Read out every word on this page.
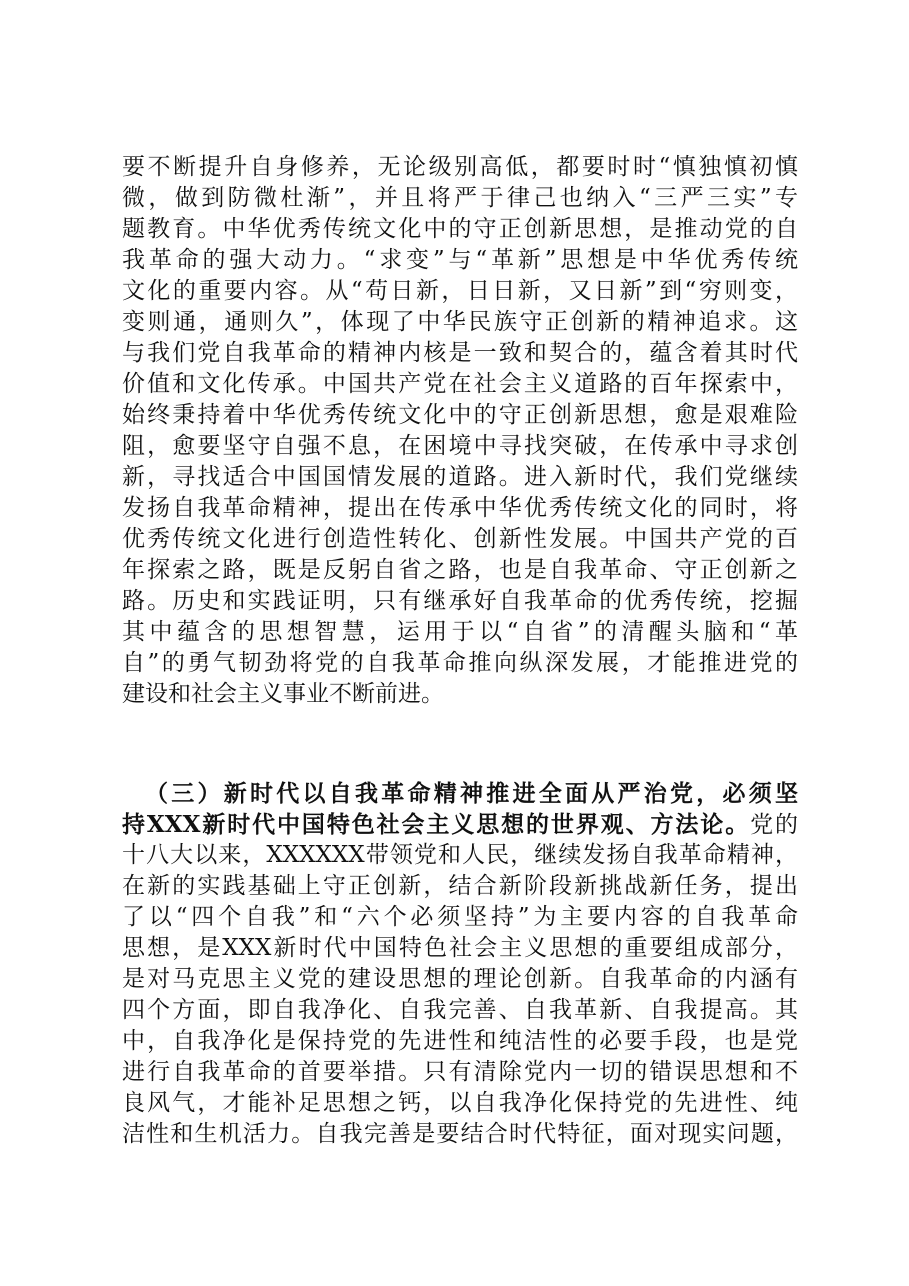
要不断提升自身修养，无论级别高低，都要时时“慎独慎初慎
微，做到防微杜渐”，并且将严于律己也纳入“三严三实”专
题教育。中华优秀传统文化中的守正创新思想，是推动党的自
我革命的强大动力。“求变”与“革新”思想是中华优秀传统
文化的重要内容。从“苟日新，日日新，又日新”到“穷则变，
变则通，通则久”，体现了中华民族守正创新的精神追求。这
与我们党自我革命的精神内核是一致和契合的，蕴含着其时代
价值和文化传承。中国共产党在社会主义道路的百年探索中，
始终秉持着中华优秀传统文化中的守正创新思想，愈是艰难险
阻，愈要坚守自强不息，在困境中寻找突破，在传承中寻求创
新，寻找适合中国国情发展的道路。进入新时代，我们党继续
发扬自我革命精神，提出在传承中华优秀传统文化的同时，将
优秀传统文化进行创造性转化、创新性发展。中国共产党的百
年探索之路，既是反躬自省之路，也是自我革命、守正创新之
路。历史和实践证明，只有继承好自我革命的优秀传统，挖掘
其中蕴含的思想智慧，运用于以“自省”的清醒头脑和“革
自”的勇气韧劲将党的自我革命推向纵深发展，才能推进党的
建设和社会主义事业不断前进。
（三）新时代以自我革命精神推进全面从严治党，必须坚
持XXX新时代中国特色社会主义思想的世界观、方法论。党的
十八大以来，XXXXXX带领党和人民，继续发扬自我革命精神，
在新的实践基础上守正创新，结合新阶段新挑战新任务，提出
了以“四个自我”和“六个必须坚持”为主要内容的自我革命
思想，是XXX新时代中国特色社会主义思想的重要组成部分，
是对马克思主义党的建设思想的理论创新。自我革命的内涵有
四个方面，即自我净化、自我完善、自我革新、自我提高。其
中，自我净化是保持党的先进性和纯洁性的必要手段，也是党
进行自我革命的首要举措。只有清除党内一切的错误思想和不
良风气，才能补足思想之钙，以自我净化保持党的先进性、纯
洁性和生机活力。自我完善是要结合时代特征，面对现实问题，
